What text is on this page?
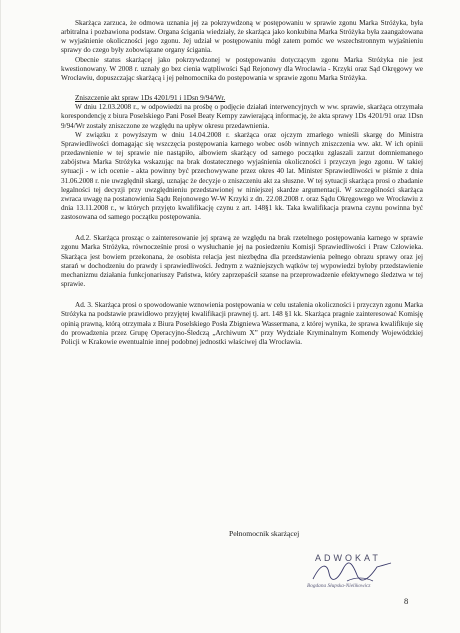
Skarżąca zarzuca, że odmowa uznania jej za pokrzywdzoną w postępowaniu w sprawie zgonu Marka Stróżyka, była arbitralna i pozbawiona podstaw. Organa ścigania wiedziały, że skarżąca jako konkubina Marka Stróżyka była zaangażowana w wyjaśnienie okoliczności jego zgonu. Jej udział w postępowaniu mógł zatem pomóc we wszechstronnym wyjaśnieniu sprawy do czego były zobowiązane organy ścigania.

Obecnie status skarżącej jako pokrzywdzonej w postępowaniu dotyczącym zgonu Marka Stróżyka nie jest kwestionowany. W 2008 r. uznały go bez cienia wątpliwości Sąd Rejonowy dla Wrocławia - Krzyki oraz Sąd Okręgowy we Wrocławiu, dopuszczając skarżącą i jej pełnomocnika do postępowania w sprawie zgonu Marka Stróżyka.

Zniszczenie akt spraw 1Ds 4201/91 i 1Dsn 9/94/Wr.

W dniu 12.03.2008 r., w odpowiedzi na prośbę o podjęcie działań interwencyjnych w ww. sprawie, skarżąca otrzymała korespondencję z biura Poselskiego Pani Poseł Beaty Kempy zawierającą informację, że akta sprawy 1Ds 4201/91 oraz 1Dsn 9/94/Wr zostały zniszczone ze względu na upływ okresu przedawnienia.

W związku z powyższym w dniu 14.04.2008 r. skarżąca oraz ojczym zmarłego wnieśli skargę do Ministra Sprawiedliwości domagając się wszczęcia postępowania karnego wobec osób winnych zniszczenia ww. akt. W ich opinii przedawnienie w tej sprawie nie nastąpiło, albowiem skarżący od samego początku zgłaszali zarzut domniemanego zabójstwa Marka Stróżyka wskazując na brak dostatecznego wyjaśnienia okoliczności i przyczyn jego zgonu. W takiej sytuacji - w ich ocenie - akta powinny być przechowywane przez okres 40 lat. Minister Sprawiedliwości w piśmie z dnia 31.06.2008 r. nie uwzględnił skargi, uznając że decyzje o zniszczeniu akt za słuszne. W tej sytuacji skarżąca prosi o zbadanie legalności tej decyzji przy uwzględnieniu przedstawionej w niniejszej skardze argumentacji. W szczególności skarżąca zwraca uwagę na postanowienia Sądu Rejonowego W-W Krzyki z dn. 22.08.2008 r. oraz Sądu Okręgowego we Wrocławiu z dnia 13.11.2008 r., w których przyjęto kwalifikację czynu z art. 148§1 kk. Taka kwalifikacja prawna czynu powinna być zastosowana od samego początku postępowania.

Ad.2. Skarżąca prosząc o zainteresowanie jej sprawą ze względu na brak rzetelnego postępowania karnego w sprawie zgonu Marka Stróżyka, równocześnie prosi o wysłuchanie jej na posiedzeniu Komisji Sprawiedliwości i Praw Człowieka. Skarżąca jest bowiem przekonana, że osobista relacja jest niezbędna dla przedstawienia pełnego obrazu sprawy oraz jej starań w dochodzeniu do prawdy i sprawiedliwości. Jednym z ważniejszych wątków tej wypowiedzi byłoby przedstawienie mechanizmu działania funkcjonariuszy Państwa, który zaprzepaścił szanse na przeprowadzenie efektywnego śledztwa w tej sprawie.

Ad. 3. Skarżąca prosi o spowodowanie wznowienia postępowania w celu ustalenia okoliczności i przyczyn zgonu Marka Stróżyka na podstawie prawidłowo przyjętej kwalifikacji prawnej tj. art. 148 §1 kk. Skarżąca pragnie zainteresować Komisję opinią prawną, którą otrzymała z Biura Poselskiego Posła Zbigniewa Wassermana, z której wynika, że sprawa kwalifikuje się do prowadzenia przez Grupę Operacyjno-Śledczą „Archiwum X” przy Wydziale Kryminalnym Komendy Wojewódzkiej Policji w Krakowie ewentualnie innej podobnej jednostki właściwej dla Wrocławia.

Pełnomocnik skarżącej
ADWOKAT
Bogdana Słupska-Nielikowicz
8
